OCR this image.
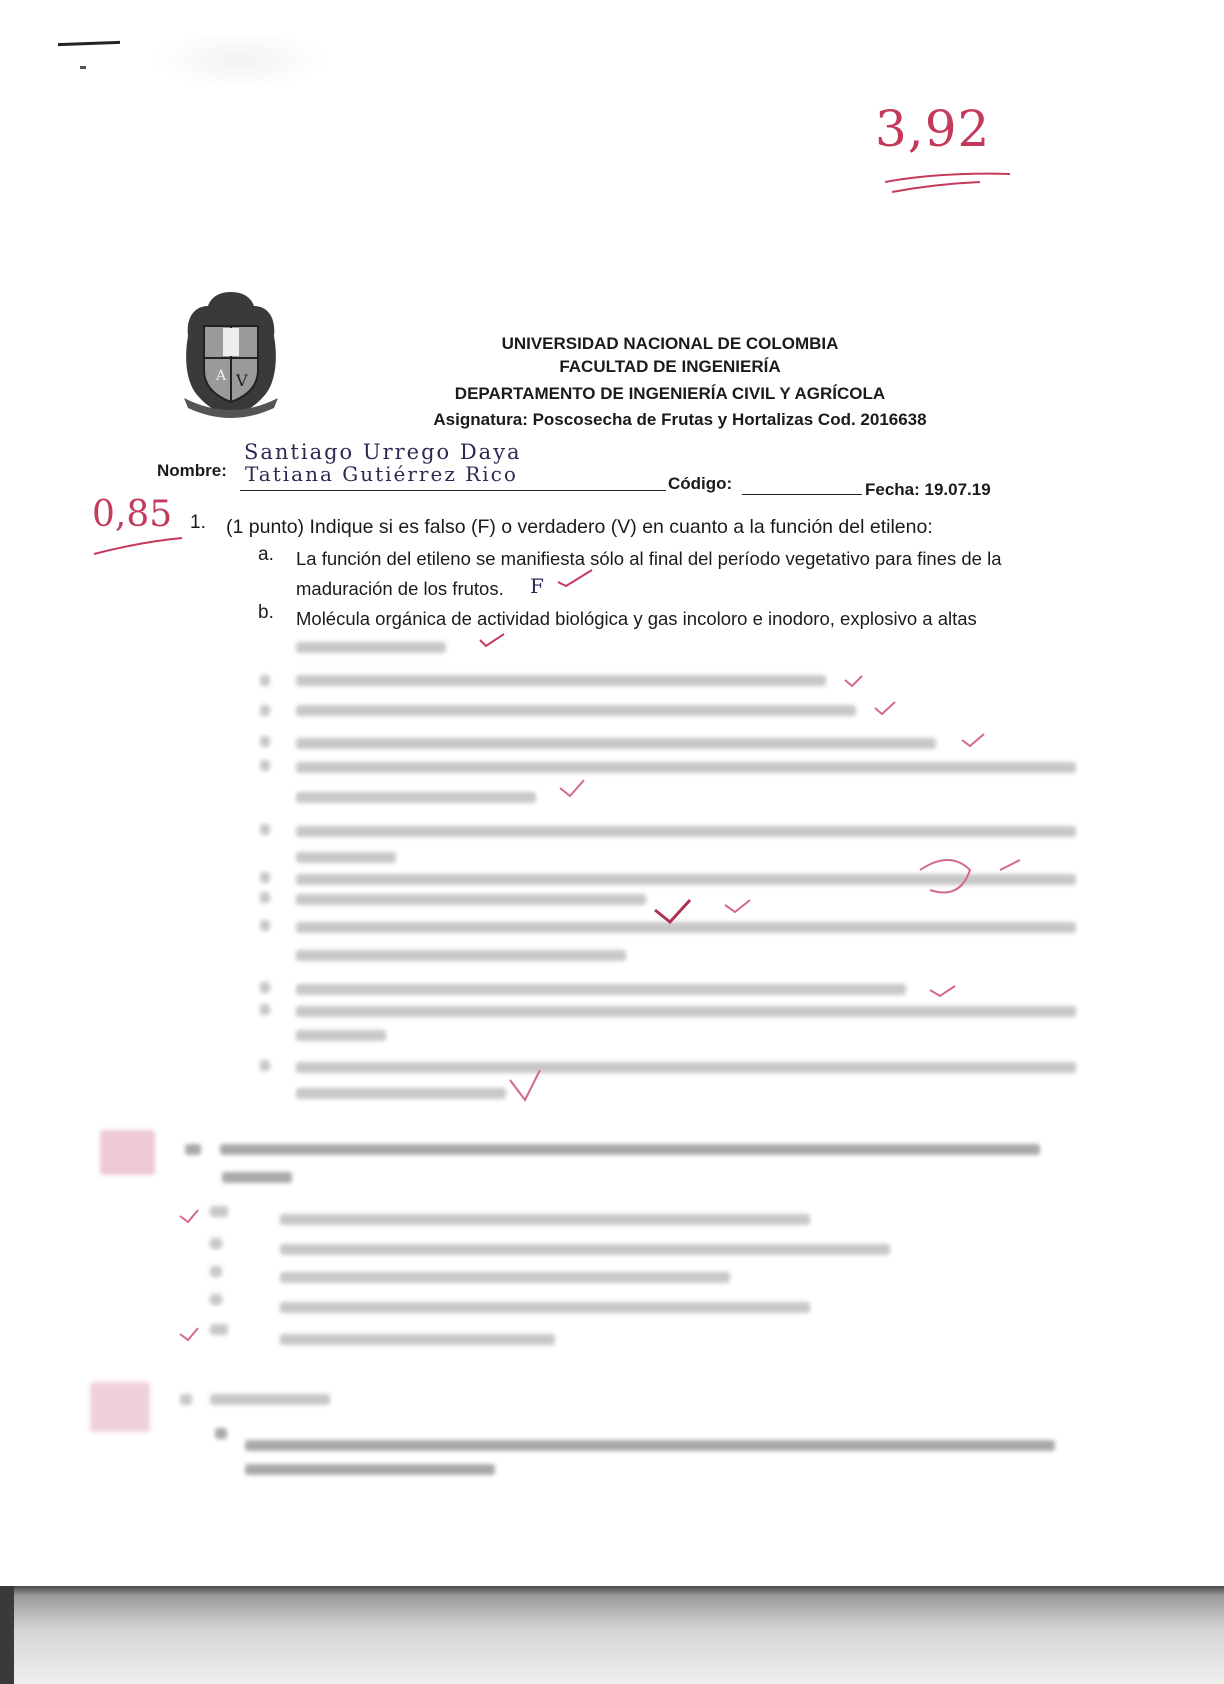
3,92
A V
UNIVERSIDAD NACIONAL DE COLOMBIA
FACULTAD DE INGENIERÍA
DEPARTAMENTO DE INGENIERÍA CIVIL Y AGRÍCOLA
Asignatura: Poscosecha de Frutas y Hortalizas Cod. 2016638
Santiago Urrego Daya
Nombre: Tatiana Gutiérrez Rico	Código:	Fecha: 19.07.19
0,85 1. (1 punto) Indique si es falso (F) o verdadero (V) en cuanto a la función del etileno:
a. La función del etileno se manifiesta sólo al final del período vegetativo para fines de la
maduración de los frutos. F
b. Molécula orgánica de actividad biológica y gas incoloro e inodoro, explosivo a altas
